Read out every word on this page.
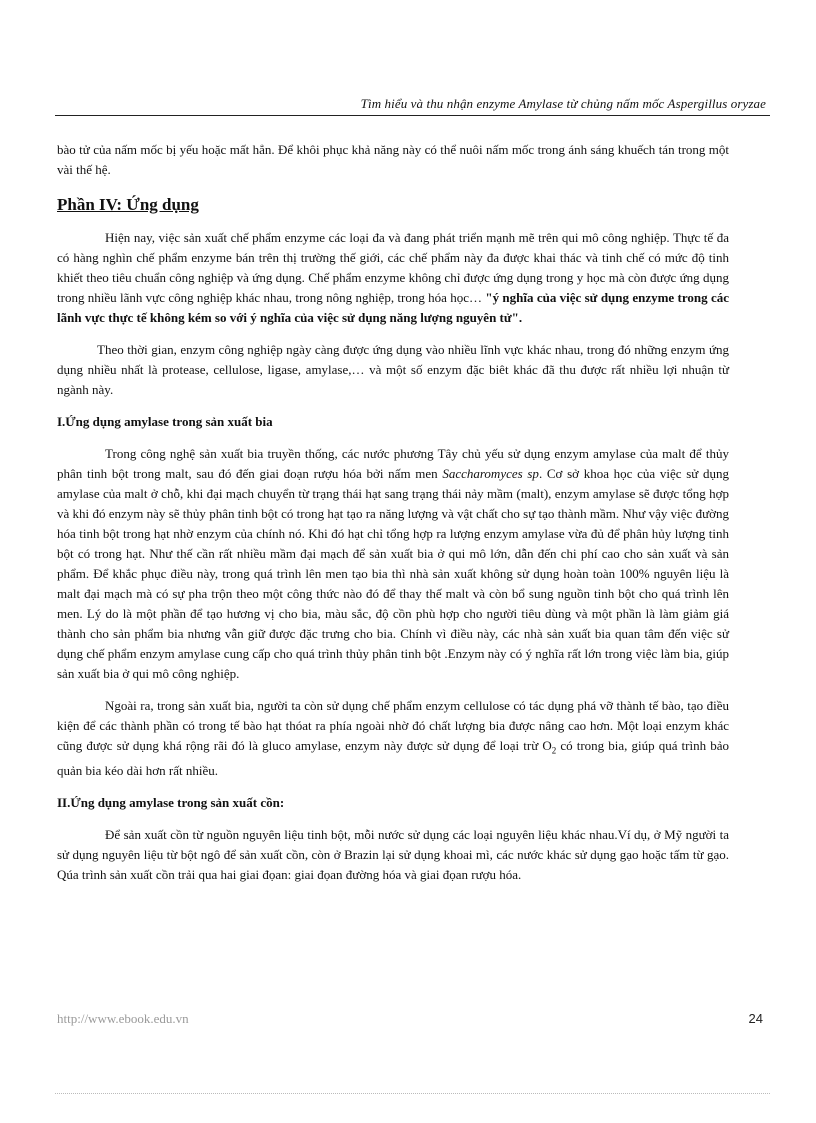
Tìm hiểu và thu nhận enzyme Amylase từ chủng nấm mốc Aspergillus oryzae

bào tử của nấm mốc bị yếu hoặc mất hẳn. Để khôi phục khả năng này có thể nuôi nấm mốc trong ánh sáng khuếch tán trong một vài thế hệ.

Phần IV: Ứng dụng

Hiện nay, việc sản xuất chế phẩm enzyme các loại đa và đang phát triển mạnh mẽ trên qui mô công nghiệp. Thực tế đa có hàng nghìn chế phẩm enzyme bán trên thị trường thế giới, các chế phẩm này đa được khai thác và tinh chế có mức độ tinh khiết theo tiêu chuẩn công nghiệp và ứng dụng. Chế phẩm enzyme không chỉ được ứng dụng trong y học mà còn được ứng dụng trong nhiều lãnh vực công nghiệp khác nhau, trong nông nghiệp, trong hóa học… "ý nghĩa của việc sử dụng enzyme trong các lãnh vực thực tế không kém so với ý nghĩa của việc sử dụng năng lượng nguyên tử".

Theo thời gian, enzym công nghiệp ngày càng được ứng dụng vào nhiều lĩnh vực khác nhau, trong đó những enzym ứng dụng nhiều nhất là protease, cellulose, ligase, amylase,… và một số enzym đặc biêt khác đã thu được rất nhiều lợi nhuận từ ngành này.

I.Ứng dụng amylase trong sản xuất bia

Trong công nghệ sản xuất bia truyền thống, các nước phương Tây chủ yếu sử dụng enzym amylase của malt để thủy phân tinh bột trong malt, sau đó đến giai đoạn rượu hóa bởi nấm men Saccharomyces sp. Cơ sở khoa học của việc sử dụng amylase của malt ở chỗ, khi đại mạch chuyển từ trạng thái hạt sang trạng thái nảy mầm (malt), enzym amylase sẽ được tổng hợp và khi đó enzym này sẽ thủy phân tinh bột có trong hạt tạo ra năng lượng và vật chất cho sự tạo thành mầm. Như vậy việc đường hóa tinh bột trong hạt nhờ enzym của chính nó. Khi đó hạt chỉ tổng hợp ra lượng enzym amylase vừa đủ để phân hủy lượng tinh bột có trong hạt. Như thế cần rất nhiều mầm đại mạch để sản xuất bia ở qui mô lớn, dẫn đến chi phí cao cho sản xuất và sản phẩm. Để khắc phục điều này, trong quá trình lên men tạo bia thì nhà sản xuất không sử dụng hoàn toàn 100% nguyên liệu là malt đại mạch mà có sự pha trộn theo một công thức nào đó để thay thế malt và còn bổ sung nguồn tinh bột cho quá trình lên men. Lý do là một phần để tạo hương vị cho bia, màu sắc, độ cồn phù hợp cho người tiêu dùng và một phần là làm giảm giá thành cho sản phẩm bia nhưng vẫn giữ được đặc trưng cho bia. Chính vì điều này, các nhà sản xuất bia quan tâm đến việc sử dụng chế phẩm enzym amylase cung cấp cho quá trình thủy phân tinh bột .Enzym này có ý nghĩa rất lớn trong việc làm bia, giúp sản xuất bia ở qui mô công nghiệp.

Ngoài ra, trong sản xuất bia, người ta còn sử dụng chế phẩm enzym cellulose có tác dụng phá vỡ thành tế bào, tạo điều kiện để các thành phần có trong tế bào hạt thóat ra phía ngoài nhờ đó chất lượng bia được nâng cao hơn. Một loại enzym khác cũng được sử dụng khá rộng rãi đó là gluco amylase, enzym này được sử dụng để loại trừ $O_2$ có trong bia, giúp quá trình bảo quản bia kéo dài hơn rất nhiều.

II.Ứng dụng amylase trong sản xuất cồn:

Để sản xuất cồn từ nguồn nguyên liệu tinh bột, mỗi nước sử dụng các loại nguyên liệu khác nhau.Ví dụ, ở Mỹ người ta sử dụng nguyên liệu từ bột ngô để sản xuất cồn, còn ở Brazin lại sử dụng khoai mì, các nước khác sử dụng gạo hoặc tấm từ gạo. Qúa trình sản xuất cồn trải qua hai giai đọan: giai đọan đường hóa và giai đọan rượu hóa.

http://www.ebook.edu.vn	24
